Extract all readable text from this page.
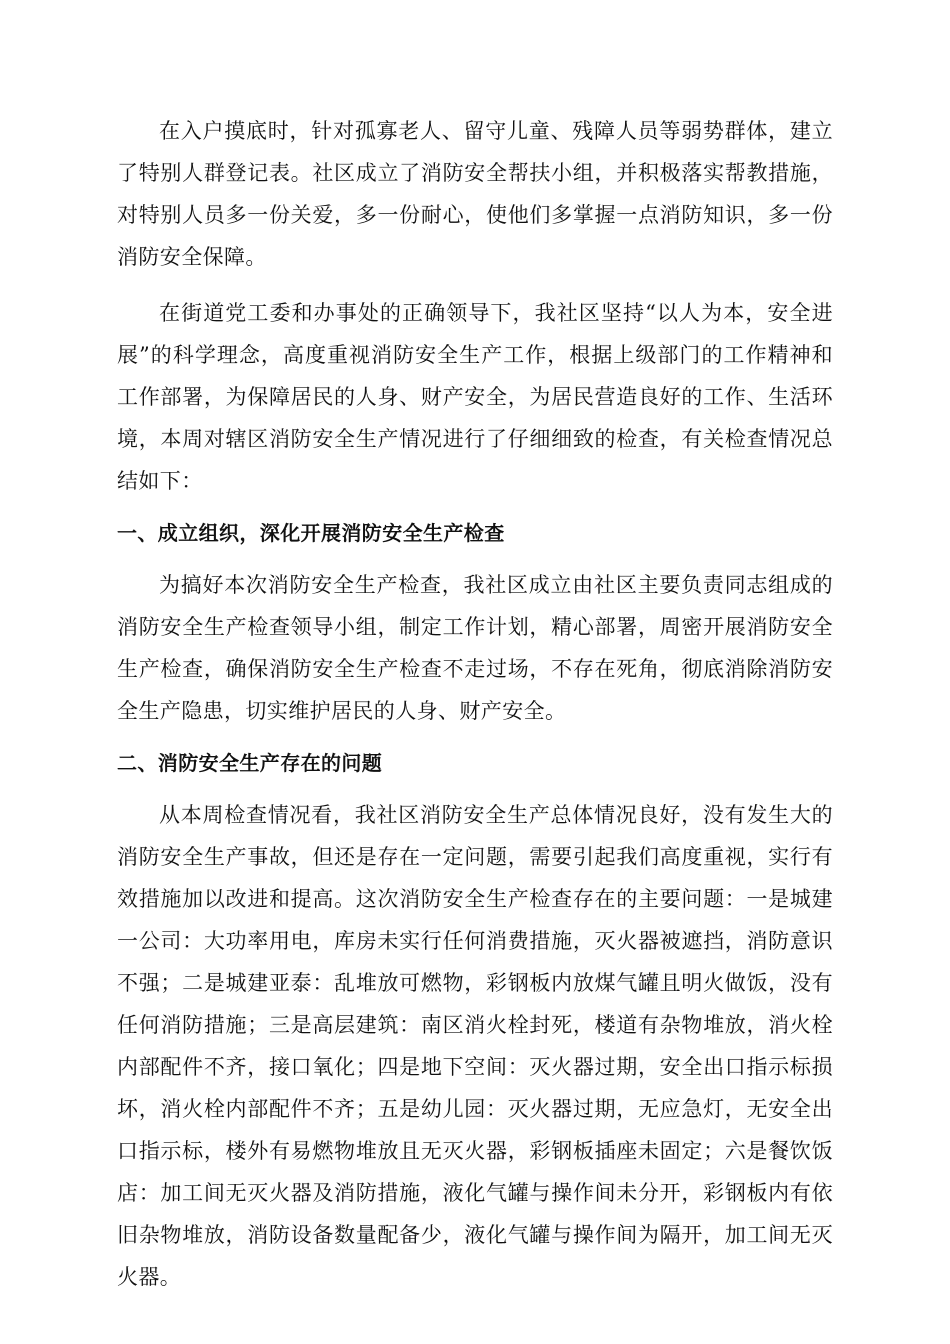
在入户摸底时，针对孤寡老人、留守儿童、残障人员等弱势群体，建立了特别人群登记表。社区成立了消防安全帮扶小组，并积极落实帮教措施，对特别人员多一份关爱，多一份耐心，使他们多掌握一点消防知识，多一份消防安全保障。

在街道党工委和办事处的正确领导下，我社区坚持“以人为本，安全进展”的科学理念，高度重视消防安全生产工作，根据上级部门的工作精神和工作部署，为保障居民的人身、财产安全，为居民营造良好的工作、生活环境，本周对辖区消防安全生产情况进行了仔细细致的检查，有关检查情况总结如下：

一、成立组织，深化开展消防安全生产检查

为搞好本次消防安全生产检查，我社区成立由社区主要负责同志组成的消防安全生产检查领导小组，制定工作计划，精心部署，周密开展消防安全生产检查，确保消防安全生产检查不走过场，不存在死角，彻底消除消防安全生产隐患，切实维护居民的人身、财产安全。

二、消防安全生产存在的问题

从本周检查情况看，我社区消防安全生产总体情况良好，没有发生大的消防安全生产事故，但还是存在一定问题，需要引起我们高度重视，实行有效措施加以改进和提高。这次消防安全生产检查存在的主要问题：一是城建一公司：大功率用电，库房未实行任何消费措施，灭火器被遮挡，消防意识不强；二是城建亚泰：乱堆放可燃物，彩钢板内放煤气罐且明火做饭，没有任何消防措施；三是高层建筑：南区消火栓封死，楼道有杂物堆放，消火栓内部配件不齐，接口氧化；四是地下空间：灭火器过期，安全出口指示标损坏，消火栓内部配件不齐；五是幼儿园：灭火器过期，无应急灯，无安全出口指示标，楼外有易燃物堆放且无灭火器，彩钢板插座未固定；六是餐饮饭店：加工间无灭火器及消防措施，液化气罐与操作间未分开，彩钢板内有依旧杂物堆放，消防设备数量配备少，液化气罐与操作间为隔开，加工间无灭火器。
